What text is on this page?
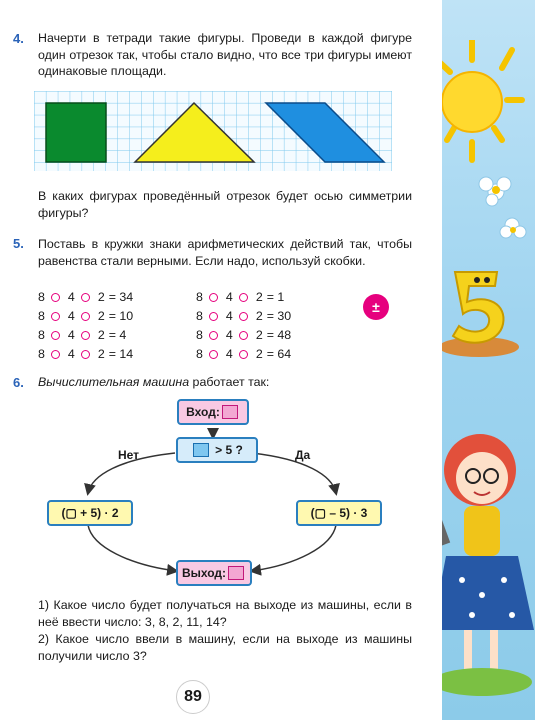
4. Начерти в тетради такие фигуры. Проведи в каждой фигуре один отрезок так, чтобы стало видно, что все три фигуры имеют одинаковые площади.
В каких фигурах проведённый отрезок будет осью симметрии фигуры?
5. Поставь в кружки знаки арифметических действий так, чтобы равенства стали верными. Если надо, используй скобки.
8 4 2 = 34
8 4 2 = 10
8 4 2 = 4
8 4 2 = 14
8 4 2 = 1
8 4 2 = 30
8 4 2 = 48
8 4 2 = 64
±
6. Вычислительная машина работает так:
Вход:
> 5 ?
Нет	Да
(▢ + 5) · 2	(▢ – 5) · 3
Выход:
1) Какое число будет получаться на выходе из машины, если в неё ввести число: 3, 8, 2, 11, 14?
2) Какое число ввели в машину, если на выходе из машины получили число 3?
89
